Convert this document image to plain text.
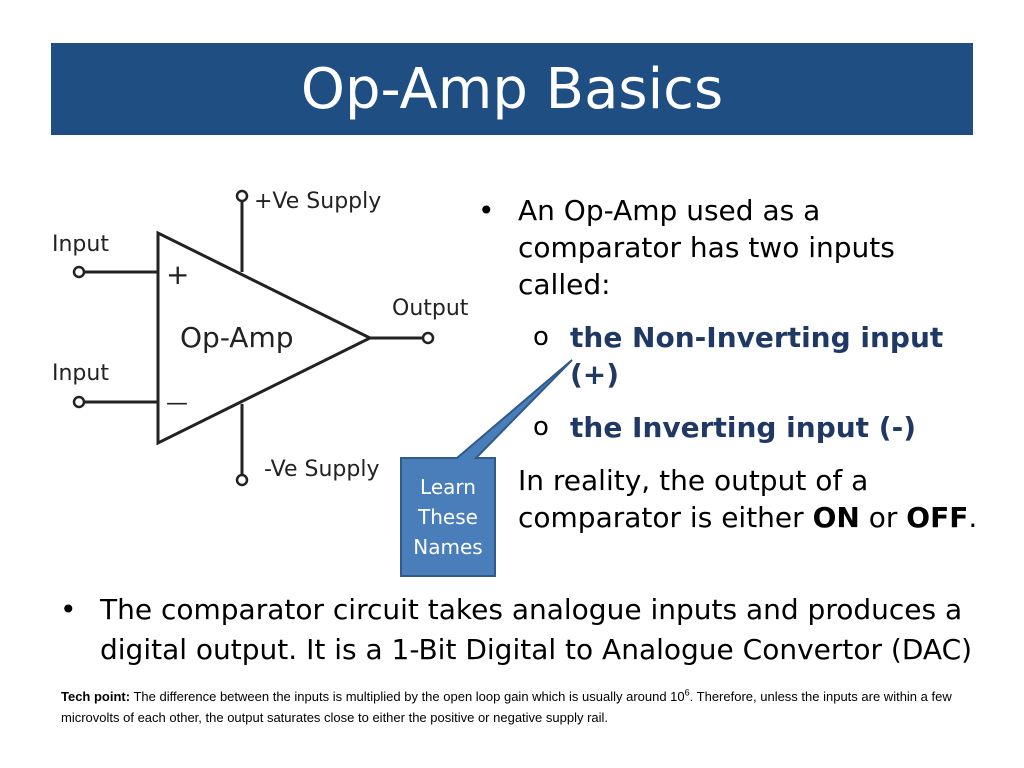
Op-Amp Basics
+Ve Supply
-Ve Supply
Input
Input
Output
Op-Amp
+
—
Learn
These
Names
• An Op-Amp used as a comparator has two inputs called:
o the Non-Inverting input (+)
o the Inverting input (-)
In reality, the output of a comparator is either ON or OFF.
• The comparator circuit takes analogue inputs and produces a digital output. It is a 1-Bit Digital to Analogue Convertor (DAC)
Tech point: The difference between the inputs is multiplied by the open loop gain which is usually around $10^6$. Therefore, unless the inputs are within a few microvolts of each other, the output saturates close to either the positive or negative supply rail.
